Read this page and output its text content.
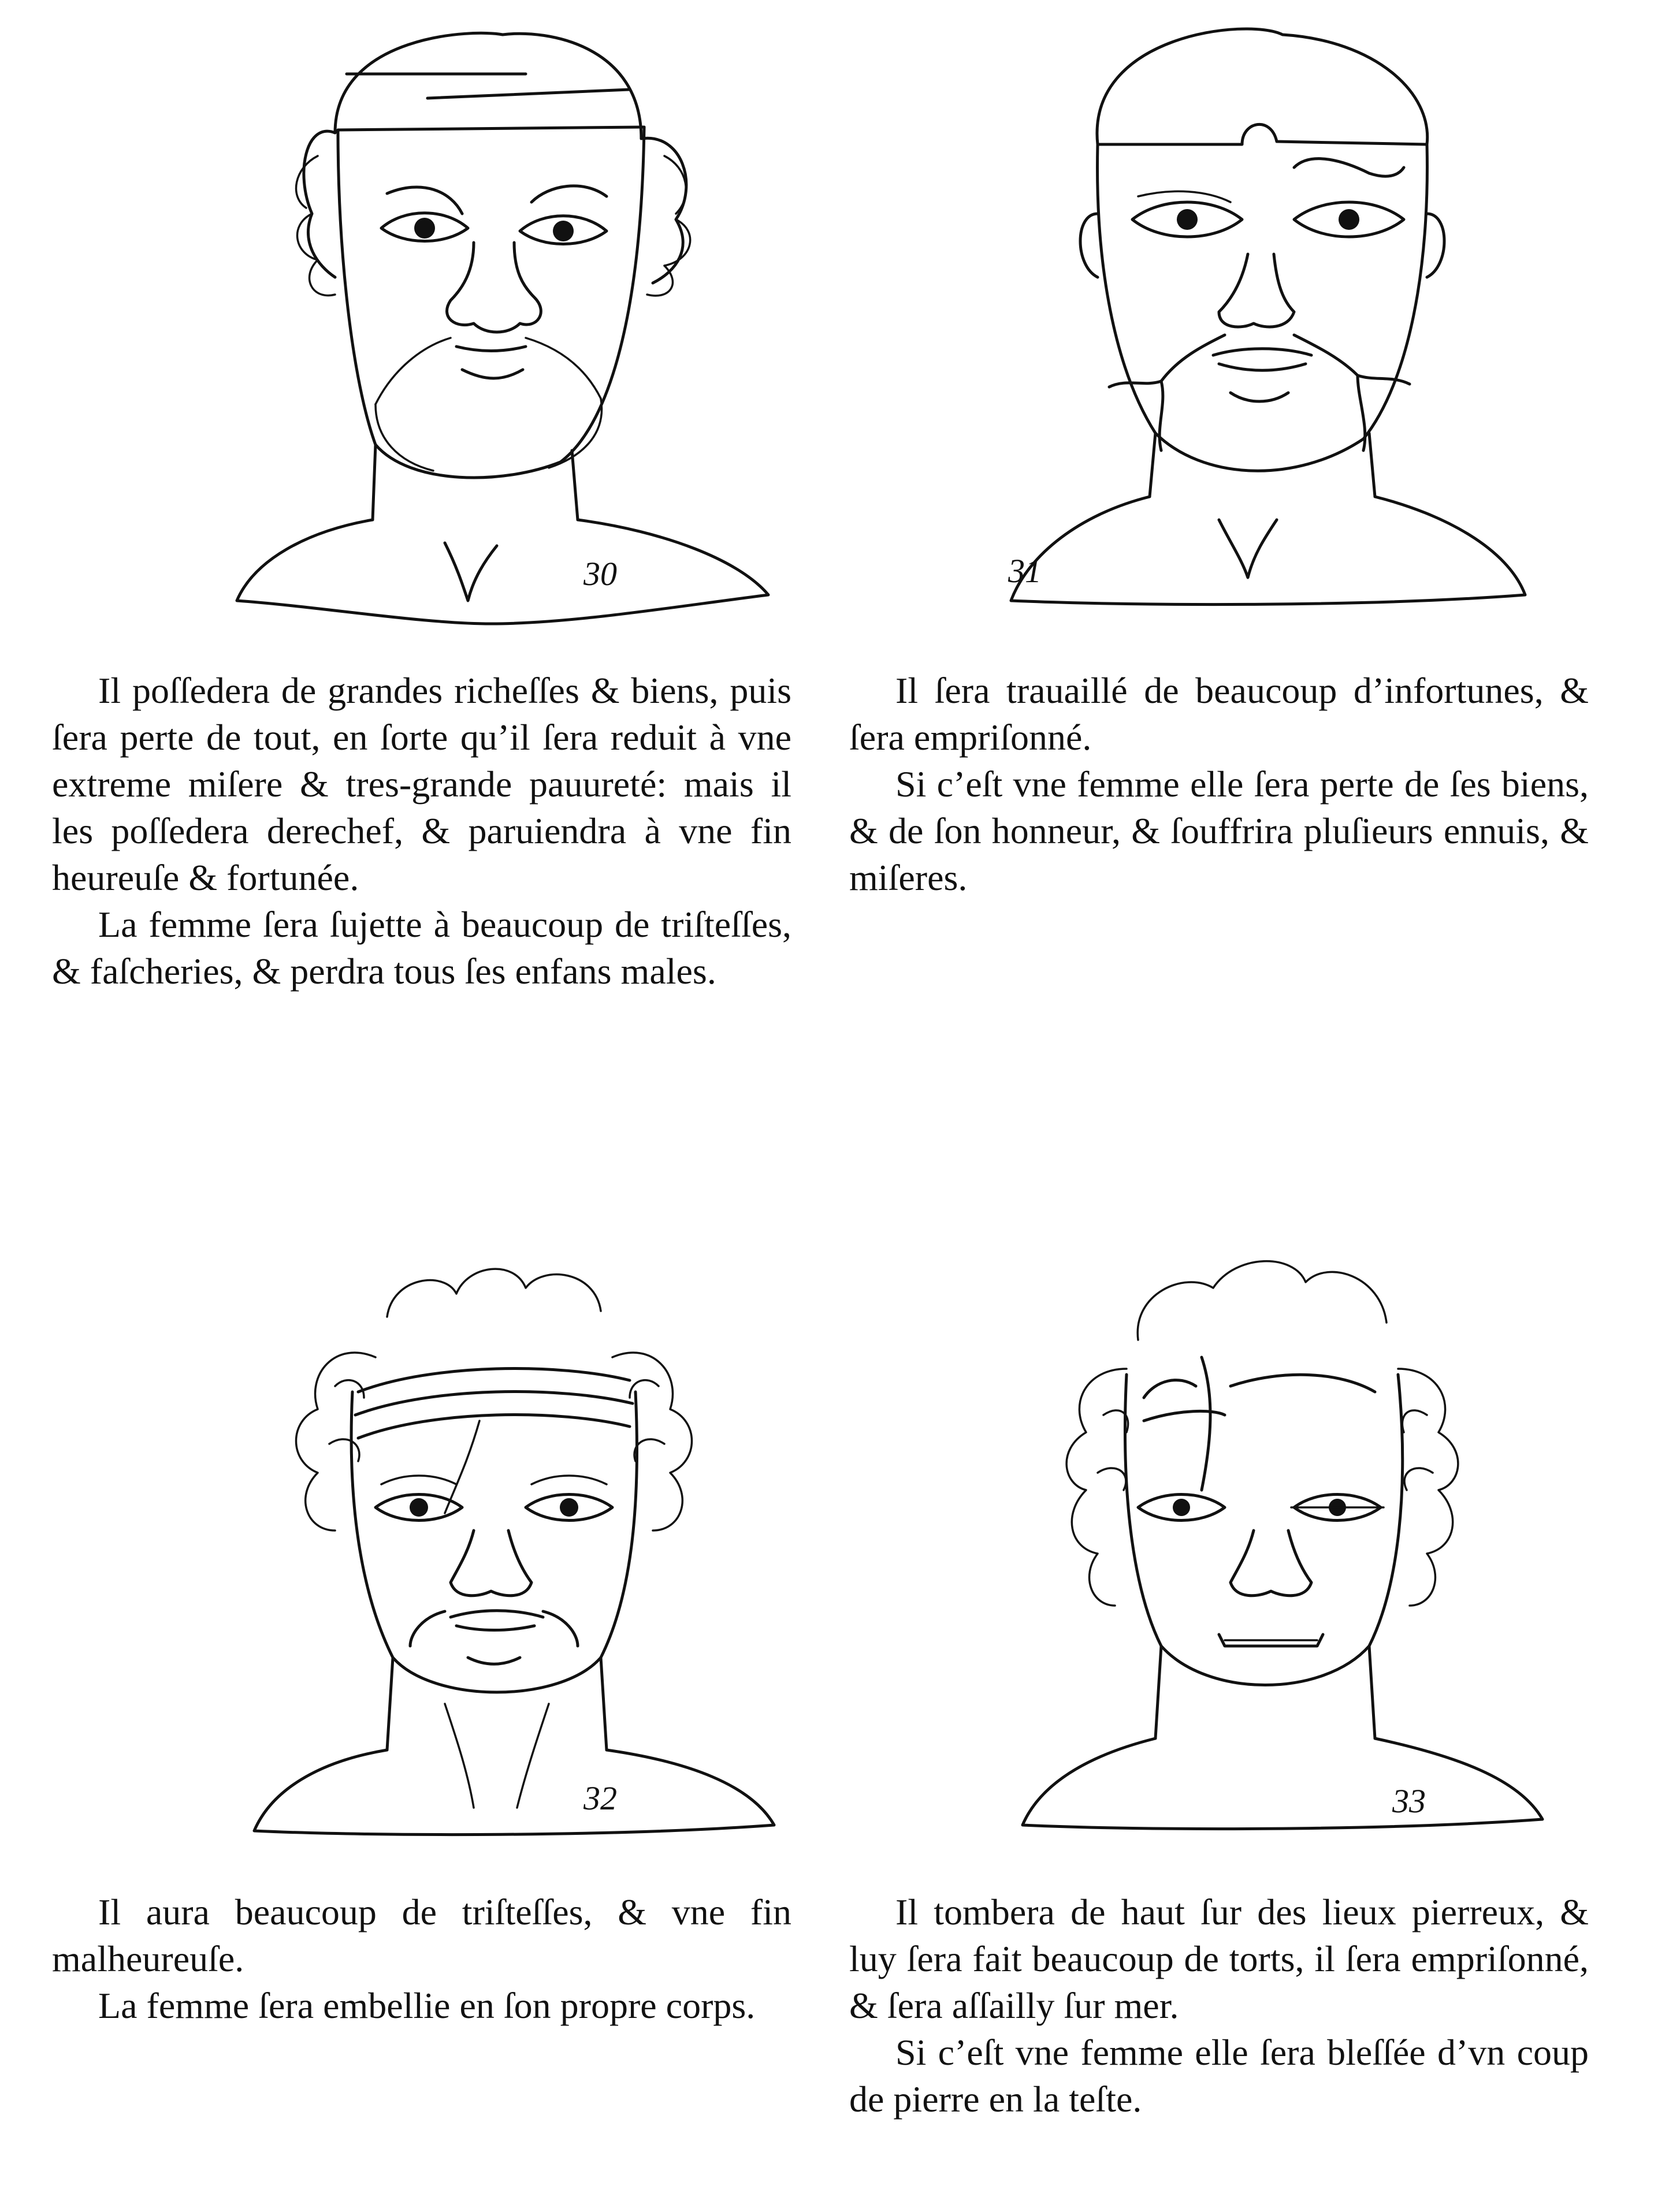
30	31

Il poſſedera de grandes richeſſes & biens, puis ſera perte de tout, en ſorte qu’il ſera reduit à vne extreme miſere & tres-grande pauureté: mais il les poſſedera derechef, & paruiendra à vne fin heureuſe & fortunée.

La femme ſera ſujette à beaucoup de triſteſſes, & faſcheries, & perdra tous ſes enfans males.

Il ſera trauaillé de beaucoup d’infortunes, & ſera empriſonné.

Si c’eſt vne femme elle ſera perte de ſes biens, & de ſon honneur, & ſouffrira pluſieurs ennuis, & miſeres.

32	33

Il aura beaucoup de triſteſſes, & vne fin malheureuſe.

La femme ſera embellie en ſon propre corps.

Il tombera de haut ſur des lieux pierreux, & luy ſera fait beaucoup de torts, il ſera empriſonné, & ſera aſſailly ſur mer.

Si c’eſt vne femme elle ſera bleſſée d’vn coup de pierre en la teſte.
